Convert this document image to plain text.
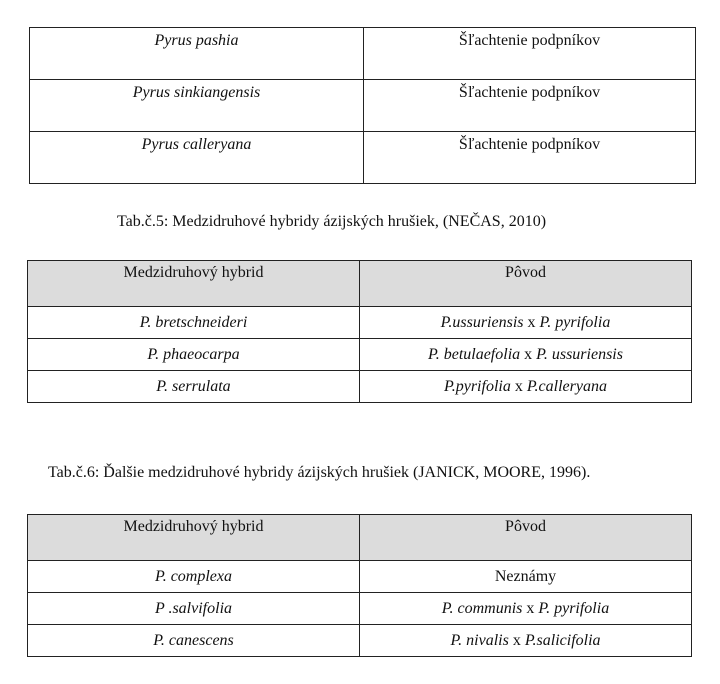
Pyrus pashia	Šľachtenie podpníkov
Pyrus sinkiangensis	Šľachtenie podpníkov
Pyrus calleryana	Šľachtenie podpníkov
Tab.č.5: Medzidruhové hybridy ázijských hrušiek, (NEČAS, 2010)
Medzidruhový hybrid	Pôvod
P. bretschneideri	P.ussuriensis x P. pyrifolia
P. phaeocarpa	P. betulaefolia x P. ussuriensis
P. serrulata	P.pyrifolia x P.calleryana
Tab.č.6: Ďalšie medzidruhové hybridy ázijských hrušiek (JANICK, MOORE, 1996).
Medzidruhový hybrid	Pôvod
P. complexa	Neznámy
P .salvifolia	P. communis x P. pyrifolia
P. canescens	P. nivalis x P.salicifolia
